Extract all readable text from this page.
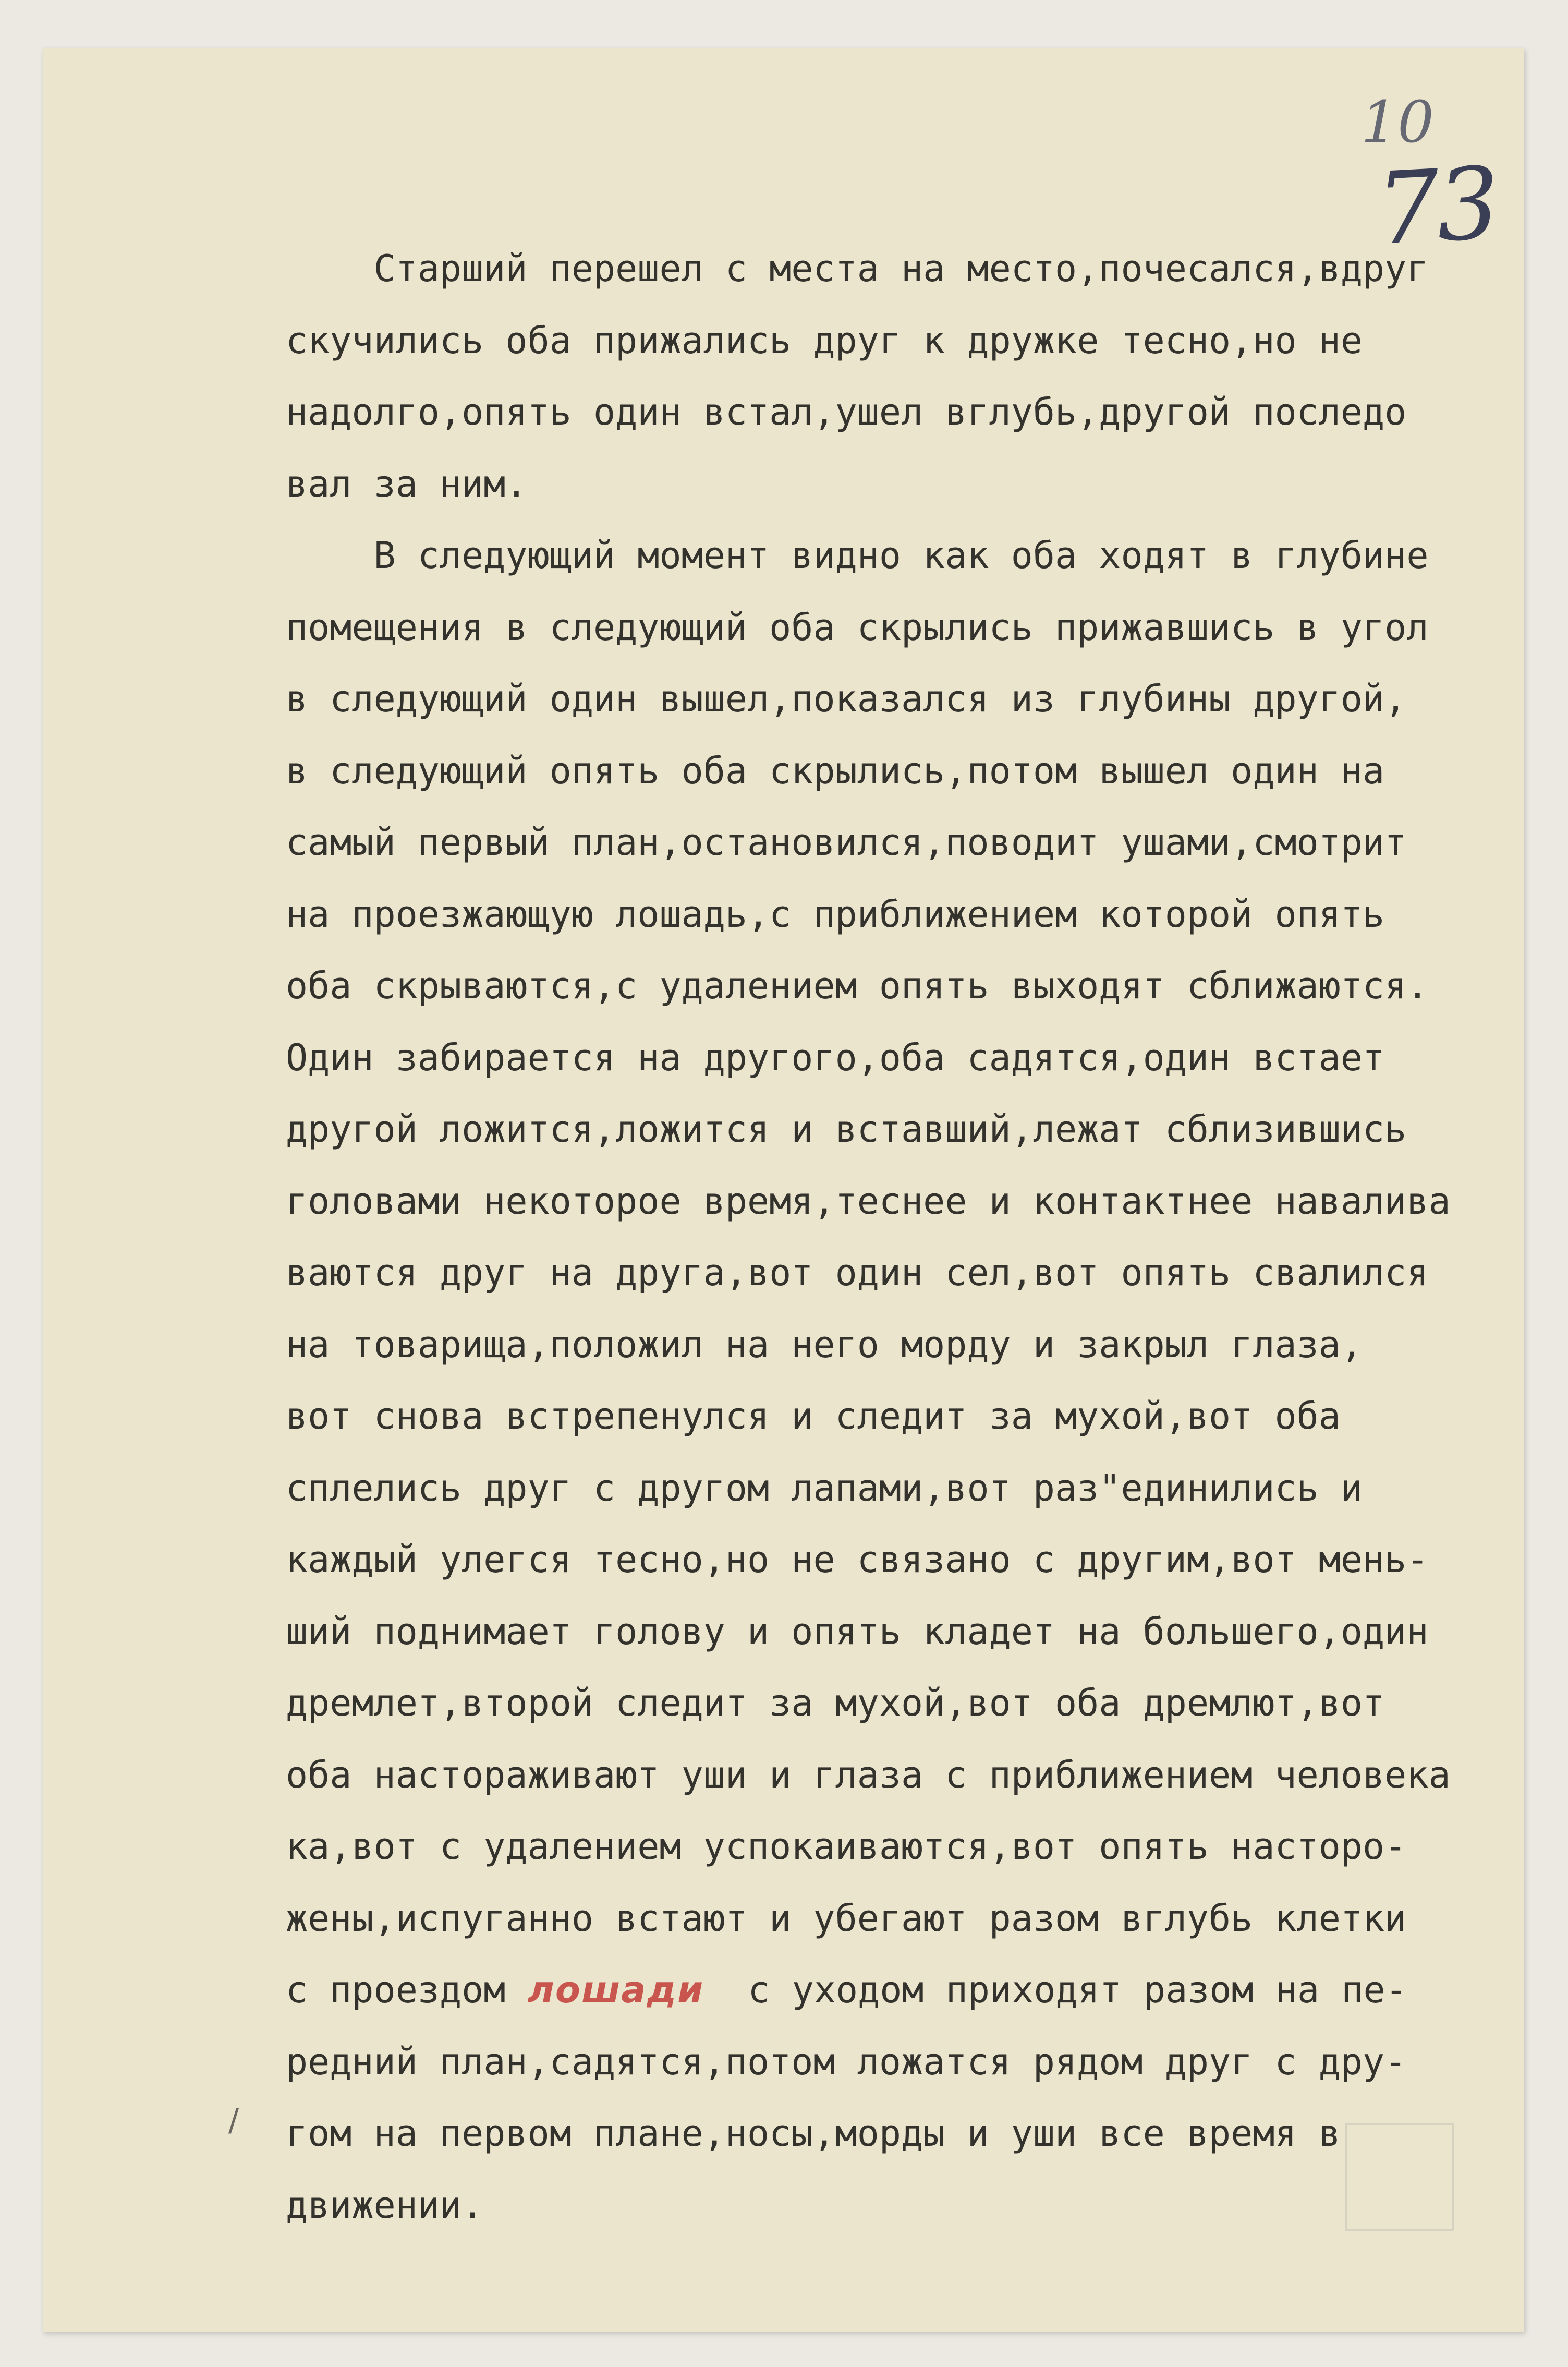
10
73
Старший перешел с места на место,почесался,вдруг
скучились оба прижались друг к дружке тесно,но не
надолго,опять один встал,ушел вглубь,другой последо
вал за ним.
В следующий момент видно как оба ходят в глубине
помещения в следующий оба скрылись прижавшись в угол
в следующий один вышел,показался из глубины другой,
в следующий опять оба скрылись,потом вышел один на
самый первый план,остановился,поводит ушами,смотрит
на проезжающую лошадь,с приближением которой опять
оба скрываются,с удалением опять выходят сближаются.
Один забирается на другого,оба садятся,один встает
другой ложится,ложится и вставший,лежат сблизившись
головами некоторое время,теснее и контактнее навалива
ваются друг на друга,вот один сел,вот опять свалился
на товарища,положил на него морду и закрыл глаза,
вот снова встрепенулся и следит за мухой,вот оба
сплелись друг с другом лапами,вот раз"единились и
каждый улегся тесно,но не связано с другим,вот мень-
ший поднимает голову и опять кладет на большего,один
дремлет,второй следит за мухой,вот оба дремлют,вот
оба настораживают уши и глаза с приближением человека
ка,вот с удалением успокаиваются,вот опять насторо-
жены,испуганно встают и убегают разом вглубь клетки
с проездом лошади с уходом приходят разом на пе-
редний план,садятся,потом ложатся рядом друг с дру-
гом на первом плане,носы,морды и уши все время в
движении.
/
